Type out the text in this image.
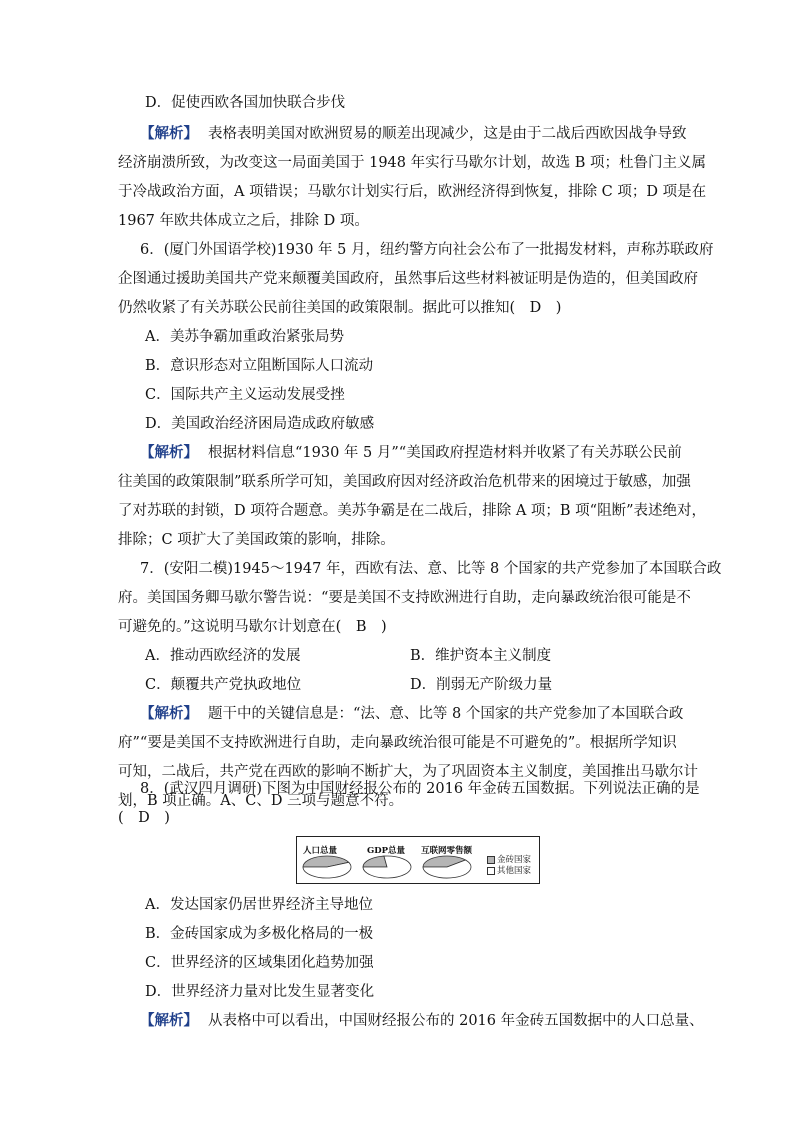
D．促使西欧各国加快联合步伐
【解析】 表格表明美国对欧洲贸易的顺差出现减少，这是由于二战后西欧因战争导致
经济崩溃所致，为改变这一局面美国于 1948 年实行马歇尔计划，故选 B 项；杜鲁门主义属
于冷战政治方面，A 项错误；马歇尔计划实行后，欧洲经济得到恢复，排除 C 项；D 项是在
1967 年欧共体成立之后，排除 D 项。
6．(厦门外国语学校)1930 年 5 月，纽约警方向社会公布了一批揭发材料，声称苏联政府
企图通过援助美国共产党来颠覆美国政府，虽然事后这些材料被证明是伪造的，但美国政府
仍然收紧了有关苏联公民前往美国的政策限制。据此可以推知(　D　)
A．美苏争霸加重政治紧张局势
B．意识形态对立阻断国际人口流动
C．国际共产主义运动发展受挫
D．美国政治经济困局造成政府敏感
【解析】 根据材料信息“1930 年 5 月”“美国政府捏造材料并收紧了有关苏联公民前
往美国的政策限制”联系所学可知，美国政府因对经济政治危机带来的困境过于敏感，加强
了对苏联的封锁，D 项符合题意。美苏争霸是在二战后，排除 A 项；B 项“阻断”表述绝对，
排除；C 项扩大了美国政策的影响，排除。
7．(安阳二模)1945～1947 年，西欧有法、意、比等 8 个国家的共产党参加了本国联合政
府。美国国务卿马歇尔警告说：“要是美国不支持欧洲进行自助，走向暴政统治很可能是不
可避免的。”这说明马歇尔计划意在(　B　)
A．推动西欧经济的发展	B．维护资本主义制度
C．颠覆共产党执政地位	D．削弱无产阶级力量
【解析】 题干中的关键信息是：“法、意、比等 8 个国家的共产党参加了本国联合政
府”“要是美国不支持欧洲进行自助，走向暴政统治很可能是不可避免的”。根据所学知识
可知，二战后，共产党在西欧的影响不断扩大，为了巩固资本主义制度，美国推出马歇尔计
划，B 项正确。A、C、D 三项与题意不符。
8．(武汉四月调研)下图为中国财经报公布的 2016 年金砖五国数据。下列说法正确的是
(　D　)
人口总量	GDP总量 互联网零售额
金砖国家
其他国家
A．发达国家仍居世界经济主导地位
B．金砖国家成为多极化格局的一极
C．世界经济的区域集团化趋势加强
D．世界经济力量对比发生显著变化
【解析】 从表格中可以看出，中国财经报公布的 2016 年金砖五国数据中的人口总量、
